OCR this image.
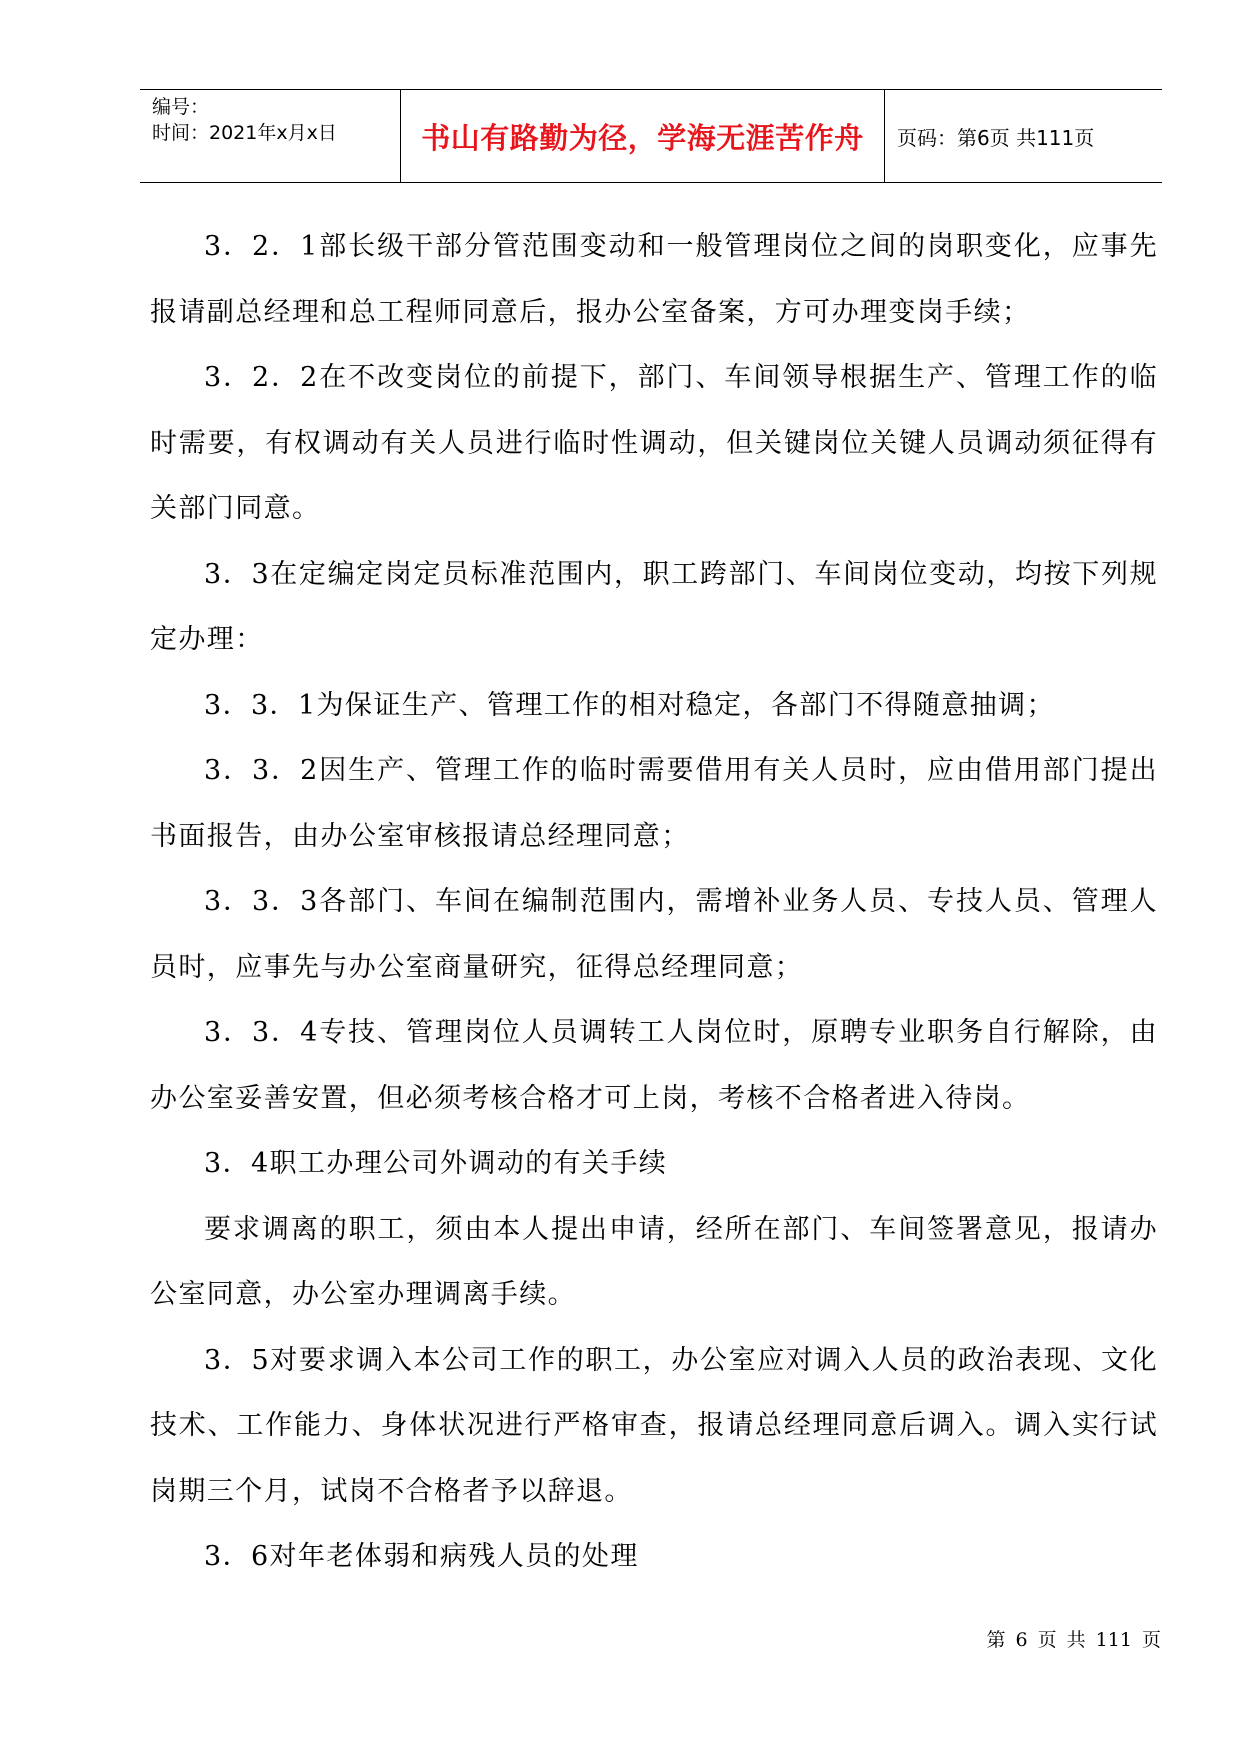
编号：
时间：2021年x月x日	书山有路勤为径，学海无涯苦作舟	页码：第6页 共111页

3．2．1部长级干部分管范围变动和一般管理岗位之间的岗职变化，应事先报请副总经理和总工程师同意后，报办公室备案，方可办理变岗手续；

3．2．2在不改变岗位的前提下，部门、车间领导根据生产、管理工作的临时需要，有权调动有关人员进行临时性调动，但关键岗位关键人员调动须征得有关部门同意。

3．3在定编定岗定员标准范围内，职工跨部门、车间岗位变动，均按下列规定办理：

3．3．1为保证生产、管理工作的相对稳定，各部门不得随意抽调；

3．3．2因生产、管理工作的临时需要借用有关人员时，应由借用部门提出书面报告，由办公室审核报请总经理同意；

3．3．3各部门、车间在编制范围内，需增补业务人员、专技人员、管理人员时，应事先与办公室商量研究，征得总经理同意；

3．3．4专技、管理岗位人员调转工人岗位时，原聘专业职务自行解除，由办公室妥善安置，但必须考核合格才可上岗，考核不合格者进入待岗。

3．4职工办理公司外调动的有关手续

要求调离的职工，须由本人提出申请，经所在部门、车间签署意见，报请办公室同意，办公室办理调离手续。

3．5对要求调入本公司工作的职工，办公室应对调入人员的政治表现、文化技术、工作能力、身体状况进行严格审查，报请总经理同意后调入。调入实行试岗期三个月，试岗不合格者予以辞退。

3．6对年老体弱和病残人员的处理

第 6 页 共 111 页
